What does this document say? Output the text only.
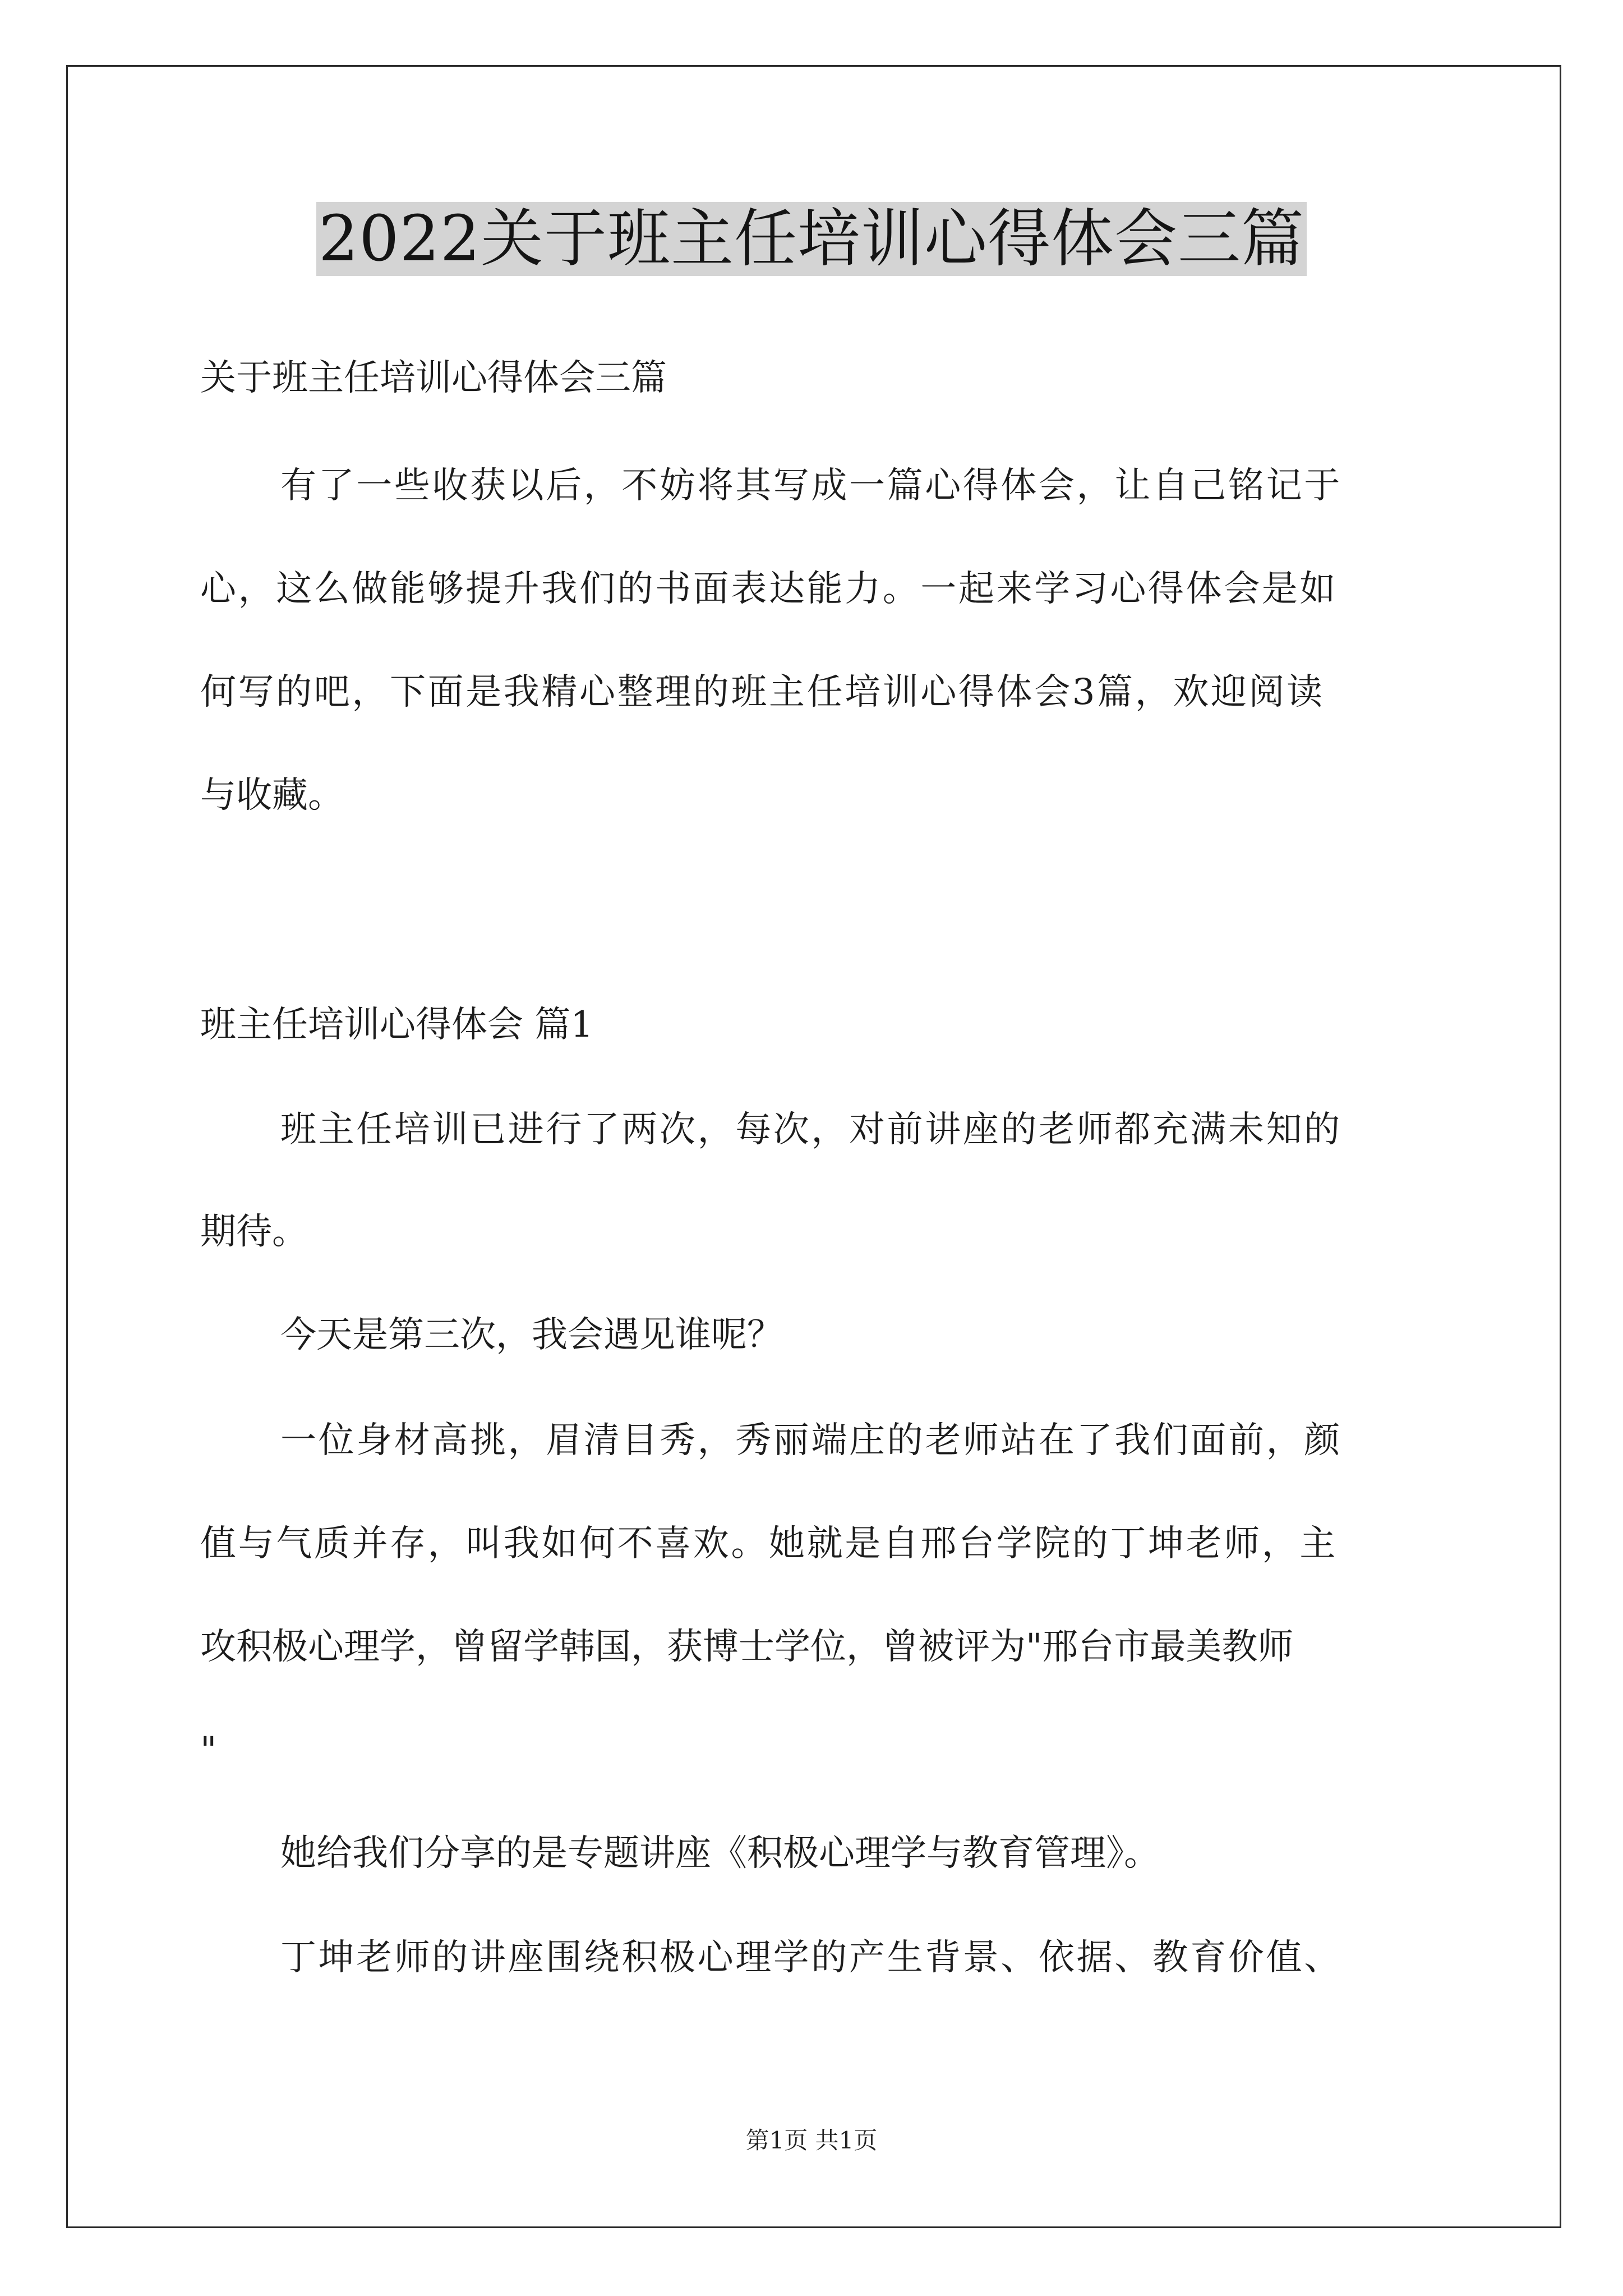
2022关于班主任培训心得体会三篇
关于班主任培训心得体会三篇
有了一些收获以后，不妨将其写成一篇心得体会，让自己铭记于
心，这么做能够提升我们的书面表达能力。一起来学习心得体会是如
何写的吧，下面是我精心整理的班主任培训心得体会3篇，欢迎阅读
与收藏。
班主任培训心得体会 篇1
班主任培训已进行了两次，每次，对前讲座的老师都充满未知的
期待。
今天是第三次，我会遇见谁呢？
一位身材高挑，眉清目秀，秀丽端庄的老师站在了我们面前，颜
值与气质并存，叫我如何不喜欢。她就是自邢台学院的丁坤老师，主
攻积极心理学，曾留学韩国，获博士学位，曾被评为"邢台市最美教师
"
她给我们分享的是专题讲座《积极心理学与教育管理》。
丁坤老师的讲座围绕积极心理学的产生背景、依据、教育价值、
第1页 共1页
